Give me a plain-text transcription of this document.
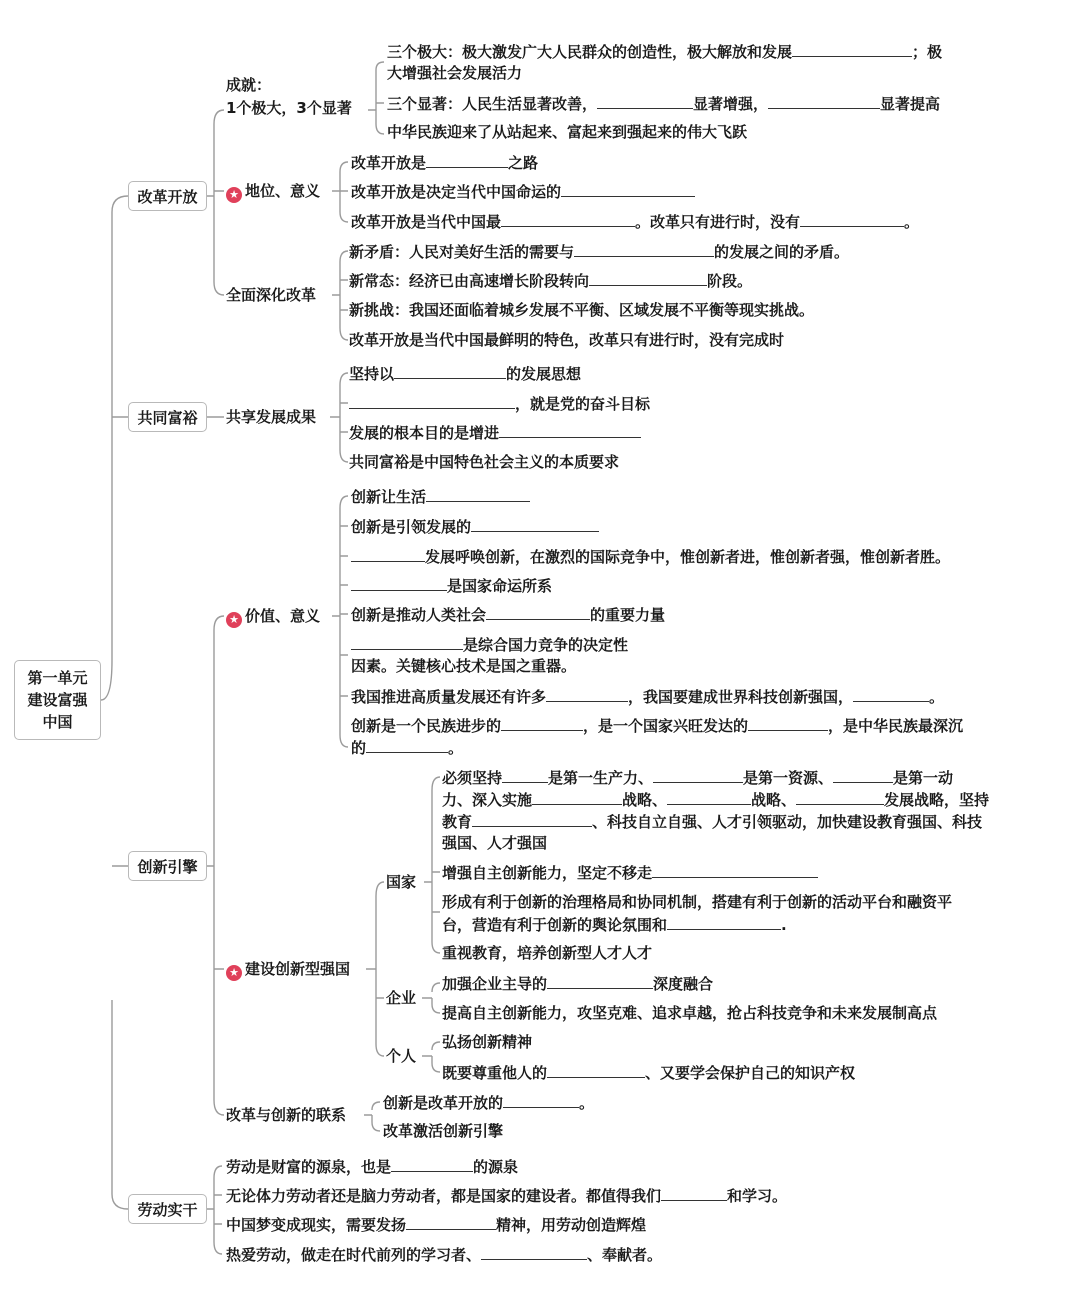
第一单元
建设富强
中国
改革开放
共同富裕
创新引擎
劳动实干
成就：
1个极大，3个显著
三个极大：极大激发广大人民群众的创造性，极大解放和发展	；极
大增强社会发展活力
三个显著：人民生活显著改善，	显著增强，	显著提高
中华民族迎来了从站起来、富起来到强起来的伟大飞跃
★ 地位、意义
改革开放是	之路
改革开放是决定当代中国命运的
改革开放是当代中国最	。改革只有进行时，没有	。
全面深化改革
新矛盾：人民对美好生活的需要与	的发展之间的矛盾。
新常态：经济已由高速增长阶段转向	阶段。
新挑战：我国还面临着城乡发展不平衡、区域发展不平衡等现实挑战。
改革开放是当代中国最鲜明的特色，改革只有进行时，没有完成时
共享发展成果
坚持以	的发展思想
，就是党的奋斗目标
发展的根本目的是增进
共同富裕是中国特色社会主义的本质要求
★ 价值、意义
创新让生活
创新是引领发展的
发展呼唤创新，在激烈的国际竞争中，惟创新者进，惟创新者强，惟创新者胜。
是国家命运所系
创新是推动人类社会	的重要力量
是综合国力竞争的决定性
因素。关键核心技术是国之重器。
我国推进高质量发展还有许多	，我国要建成世界科技创新强国，	。
创新是一个民族进步的	，是一个国家兴旺发达的	，是中华民族最深沉
的	。
★ 建设创新型强国
国家
企业
个人
必须坚持	是第一生产力、	是第一资源、	是第一动
力、深入实施	战略、	战略、	发展战略，坚持
教育	、科技自立自强、人才引领驱动，加快建设教育强国、科技
强国、人才强国
增强自主创新能力，坚定不移走
形成有利于创新的治理格局和协同机制，搭建有利于创新的活动平台和融资平
台，营造有利于创新的舆论氛围和	.
重视教育，培养创新型人才人才
加强企业主导的	深度融合
提高自主创新能力，攻坚克难、追求卓越，抢占科技竞争和未来发展制高点
弘扬创新精神
既要尊重他人的	、又要学会保护自己的知识产权
改革与创新的联系
创新是改革开放的	。
改革激活创新引擎
劳动是财富的源泉，也是	的源泉
无论体力劳动者还是脑力劳动者，都是国家的建设者。都值得我们	和学习。
中国梦变成现实，需要发扬	精神，用劳动创造辉煌
热爱劳动，做走在时代前列的学习者、	、奉献者。
